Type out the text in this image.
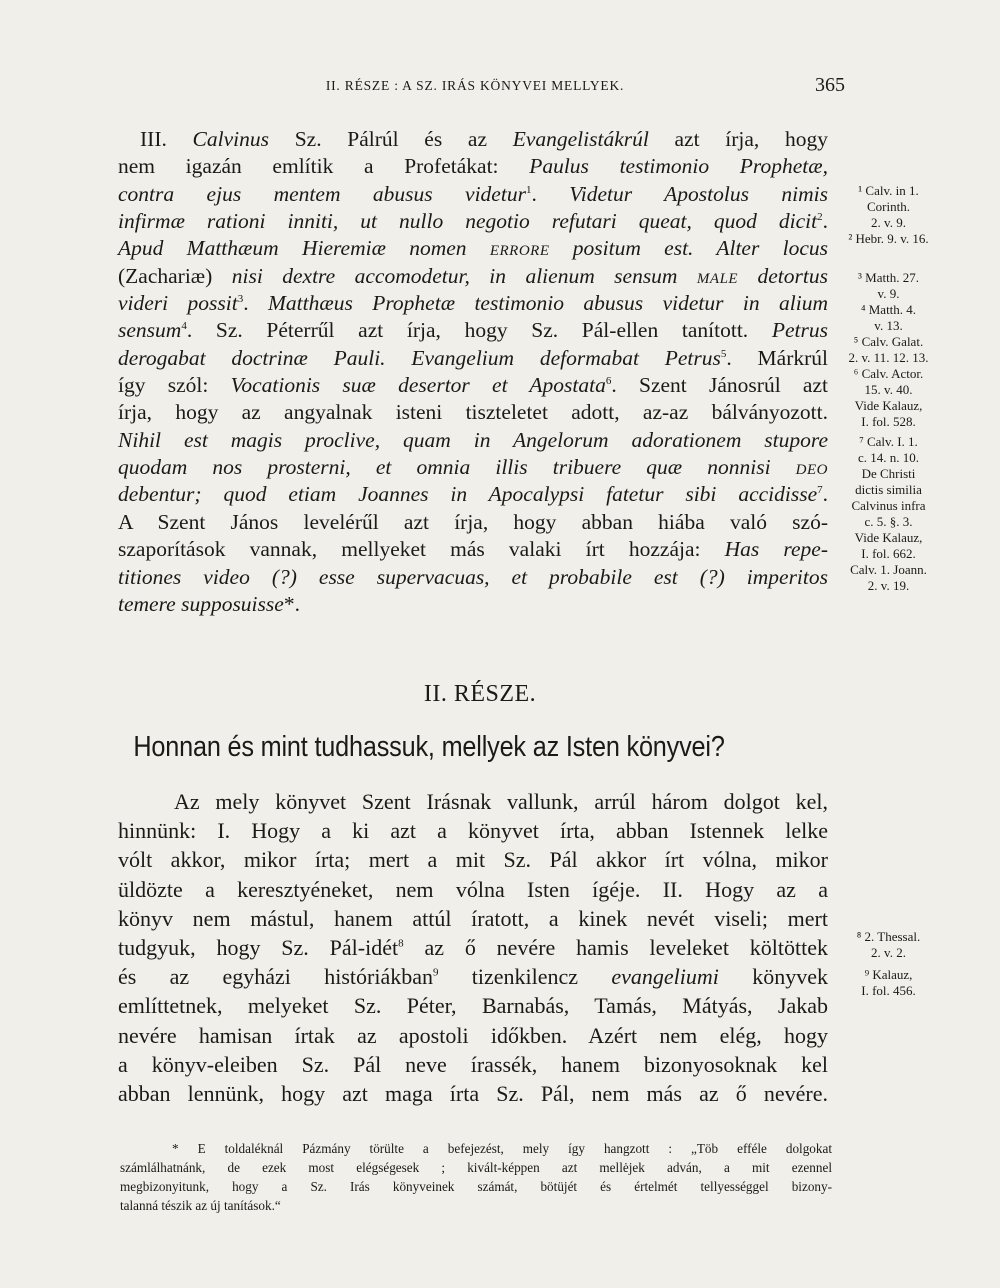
II. RÉSZE : A SZ. IRÁS KÖNYVEI MELLYEK.	365
III. Calvinus Sz. Pálrúl és az Evangelistákrúl azt írja, hogy
nem igazán említik a Profetákat: Paulus testimonio Prophetæ,
contra ejus mentem abusus videtur$^1$. Videtur Apostolus nimis
infirmæ rationi inniti, ut nullo negotio refutari queat, quod dicit$^2$.
Apud Matthæum Hieremiæ nomen ERRORE positum est. Alter locus
(Zachariæ) nisi dextre accomodetur, in alienum sensum MALE detortus
videri possit$^3$. Matthæus Prophetæ testimonio abusus videtur in alium
sensum$^4$. Sz. Péterrűl azt írja, hogy Sz. Pál-ellen tanított. Petrus
derogabat doctrinæ Pauli. Evangelium deformabat Petrus$^5$. Márkrúl
így szól: Vocationis suæ desertor et Apostata$^6$. Szent Jánosrúl azt
írja, hogy az angyalnak isteni tiszteletet adott, az-az bálványozott.
Nihil est magis proclive, quam in Angelorum adorationem stupore
quodam nos prosterni, et omnia illis tribuere quæ nonnisi DEO
debentur; quod etiam Joannes in Apocalypsi fatetur sibi accidisse$^7$.
A Szent János levelérűl azt írja, hogy abban hiába való szó-
szaporítások vannak, mellyeket más valaki írt hozzája: Has repe-
titiones video (?) esse supervacuas, et probabile est (?) imperitos
temere supposuisse*.
¹ Calv. in 1.
Corinth.
2. v. 9.
² Hebr. 9. v. 16.
³ Matth. 27.
v. 9.
⁴ Matth. 4.
v. 13.
⁵ Calv. Galat.
2. v. 11. 12. 13.
⁶ Calv. Actor.
15. v. 40.
Vide Kalauz,
I. fol. 528.
⁷ Calv. I. 1.
c. 14. n. 10.
De Christi
dictis similia
Calvinus infra
c. 5. §. 3.
Vide Kalauz,
I. fol. 662.
Calv. 1. Joann.
2. v. 19.
II. RÉSZE.
Honnan és mint tudhassuk, mellyek az Isten könyvei?
Az mely könyvet Szent Irásnak vallunk, arrúl három dolgot kel,
hinnünk: I. Hogy a ki azt a könyvet írta, abban Istennek lelke
vólt akkor, mikor írta; mert a mit Sz. Pál akkor írt vólna, mikor
üldözte a keresztyéneket, nem vólna Isten ígéje. II. Hogy az a
könyv nem mástul, hanem attúl íratott, a kinek nevét viseli; mert
tudgyuk, hogy Sz. Pál-idét$^8$ az ő nevére hamis leveleket költöttek
és az egyházi históriákban$^9$ tizenkilencz evangeliumi könyvek
említtetnek, melyeket Sz. Péter, Barnabás, Tamás, Mátyás, Jakab
nevére hamisan írtak az apostoli időkben. Azért nem elég, hogy
a könyv-eleiben Sz. Pál neve írassék, hanem bizonyosoknak kel
abban lennünk, hogy azt maga írta Sz. Pál, nem más az ő nevére.
⁸ 2. Thessal.
2. v. 2.
⁹ Kalauz,
I. fol. 456.
* E toldaléknál Pázmány törülte a befejezést, mely így hangzott : „Töb efféle dolgokat
számlálhatnánk, de ezek most elégségesek ; kivált-képpen azt mellėjek adván, a mit ezennel
megbizonyitunk, hogy a Sz. Irás könyveinek számát, bötüjét és értelmét tellyességgel bizony-
talanná tészik az új tanítások.“
